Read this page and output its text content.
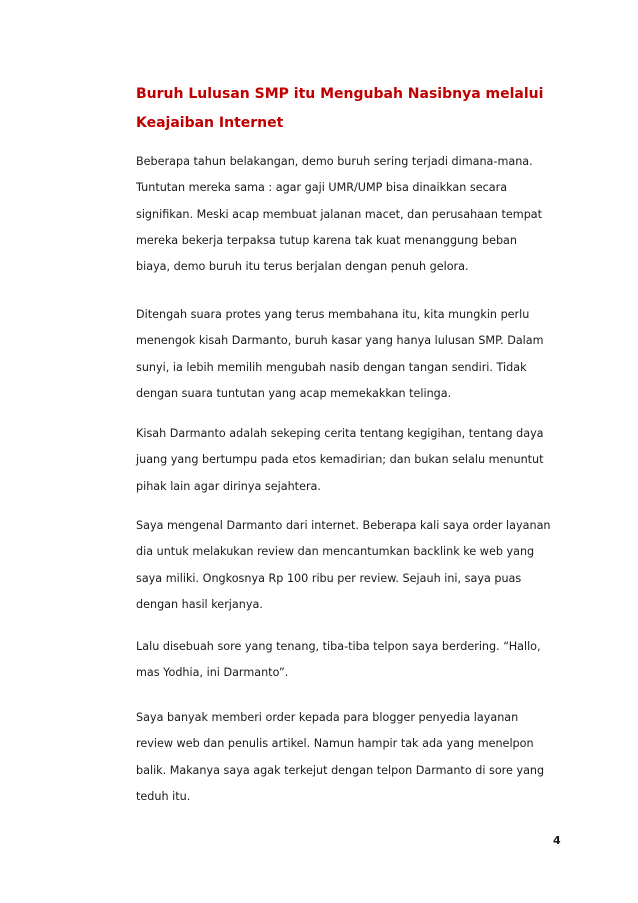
Buruh Lulusan SMP itu Mengubah Nasibnya melalui
Keajaiban Internet

Beberapa tahun belakangan, demo buruh sering terjadi dimana-mana.
Tuntutan mereka sama : agar gaji UMR/UMP bisa dinaikkan secara
signifikan. Meski acap membuat jalanan macet, dan perusahaan tempat
mereka bekerja terpaksa tutup karena tak kuat menanggung beban
biaya, demo buruh itu terus berjalan dengan penuh gelora.

Ditengah suara protes yang terus membahana itu, kita mungkin perlu
menengok kisah Darmanto, buruh kasar yang hanya lulusan SMP. Dalam
sunyi, ia lebih memilih mengubah nasib dengan tangan sendiri. Tidak
dengan suara tuntutan yang acap memekakkan telinga.

Kisah Darmanto adalah sekeping cerita tentang kegigihan, tentang daya
juang yang bertumpu pada etos kemadirian; dan bukan selalu menuntut
pihak lain agar dirinya sejahtera.

Saya mengenal Darmanto dari internet. Beberapa kali saya order layanan
dia untuk melakukan review dan mencantumkan backlink ke web yang
saya miliki. Ongkosnya Rp 100 ribu per review. Sejauh ini, saya puas
dengan hasil kerjanya.

Lalu disebuah sore yang tenang, tiba-tiba telpon saya berdering. “Hallo,
mas Yodhia, ini Darmanto”.

Saya banyak memberi order kepada para blogger penyedia layanan
review web dan penulis artikel. Namun hampir tak ada yang menelpon
balik. Makanya saya agak terkejut dengan telpon Darmanto di sore yang
teduh itu.

4
